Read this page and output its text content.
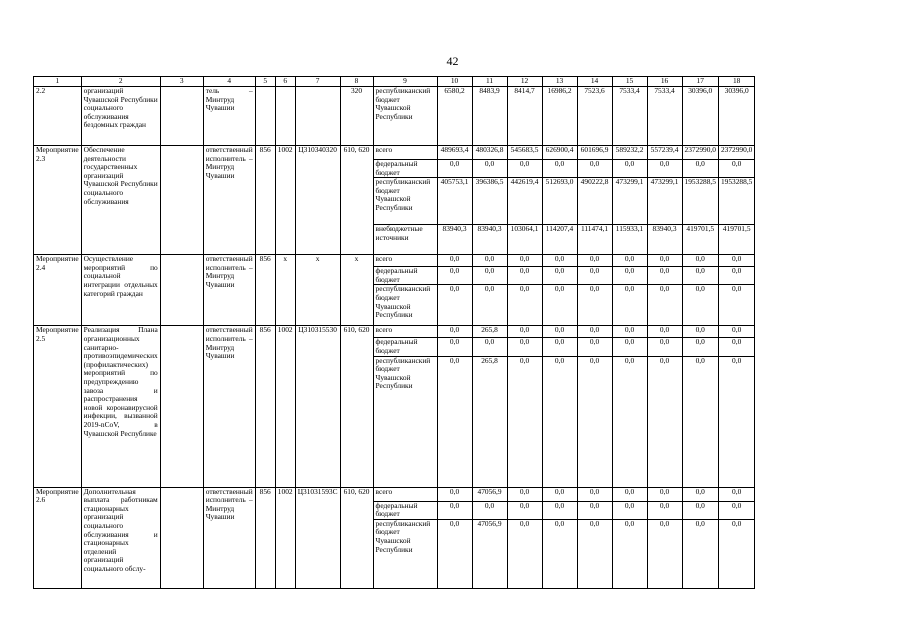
42
1	2	3	4	5	6	7	8	9	10	11	12	13	14	15	16	17	18
2.2	организаций Чувашской Республики социального обслуживания бездомных граждан		тель – Минтруд Чувашии				320	республиканский бюджет Чувашской Республики	6580,2	8483,9	8414,7	16986,2	7523,6	7533,4	7533,4	30396,0	30396,0
Мероприятие 2.3	Обеспечение деятельности государственных организаций Чувашской Республики социального обслуживания		ответственный исполнитель – Минтруд Чувашии	856	1002	Ц310340320	610, 620	всего	489693,4	480326,8	545683,5	626900,4	601696,9	589232,2	557239,4	2372990,0	2372990,0
								федеральный бюджет	0,0	0,0	0,0	0,0	0,0	0,0	0,0	0,0	0,0
								республиканский бюджет Чувашской Республики	405753,1	396386,5	442619,4	512693,0	490222,8	473299,1	473299,1	1953288,5	1953288,5
								внебюджетные источники	83940,3	83940,3	103064,1	114207,4	111474,1	115933,1	83940,3	419701,5	419701,5
Мероприятие 2.4	Осуществление мероприятий по социальной интеграции отдельных категорий граждан		ответственный исполнитель – Минтруд Чувашии	856	х	х	х	всего	0,0	0,0	0,0	0,0	0,0	0,0	0,0	0,0	0,0
								федеральный бюджет	0,0	0,0	0,0	0,0	0,0	0,0	0,0	0,0	0,0
								республиканский бюджет Чувашской Республики	0,0	0,0	0,0	0,0	0,0	0,0	0,0	0,0	0,0
Мероприятие 2.5	Реализация Плана организационных санитарно-противоэпидемических (профилактических) мероприятий по предупреждению завоза и распространения новой коронавирусной инфекции, вызванной 2019-nCoV, в Чувашской Республике		ответственный исполнитель – Минтруд Чувашии	856	1002	Ц310315530	610, 620	всего	0,0	265,8	0,0	0,0	0,0	0,0	0,0	0,0	0,0
								федеральный бюджет	0,0	0,0	0,0	0,0	0,0	0,0	0,0	0,0	0,0
								республиканский бюджет Чувашской Республики	0,0	265,8	0,0	0,0	0,0	0,0	0,0	0,0	0,0
Мероприятие 2.6	Дополнительная выплата работникам стационарных организаций социального обслуживания и стационарных отделений организаций социального обслу-		ответственный исполнитель – Минтруд Чувашии	856	1002	Ц31031593С	610, 620	всего	0,0	47056,9	0,0	0,0	0,0	0,0	0,0	0,0	0,0
								федеральный бюджет	0,0	0,0	0,0	0,0	0,0	0,0	0,0	0,0	0,0
								республиканский бюджет Чувашской Республики	0,0	47056,9	0,0	0,0	0,0	0,0	0,0	0,0	0,0
